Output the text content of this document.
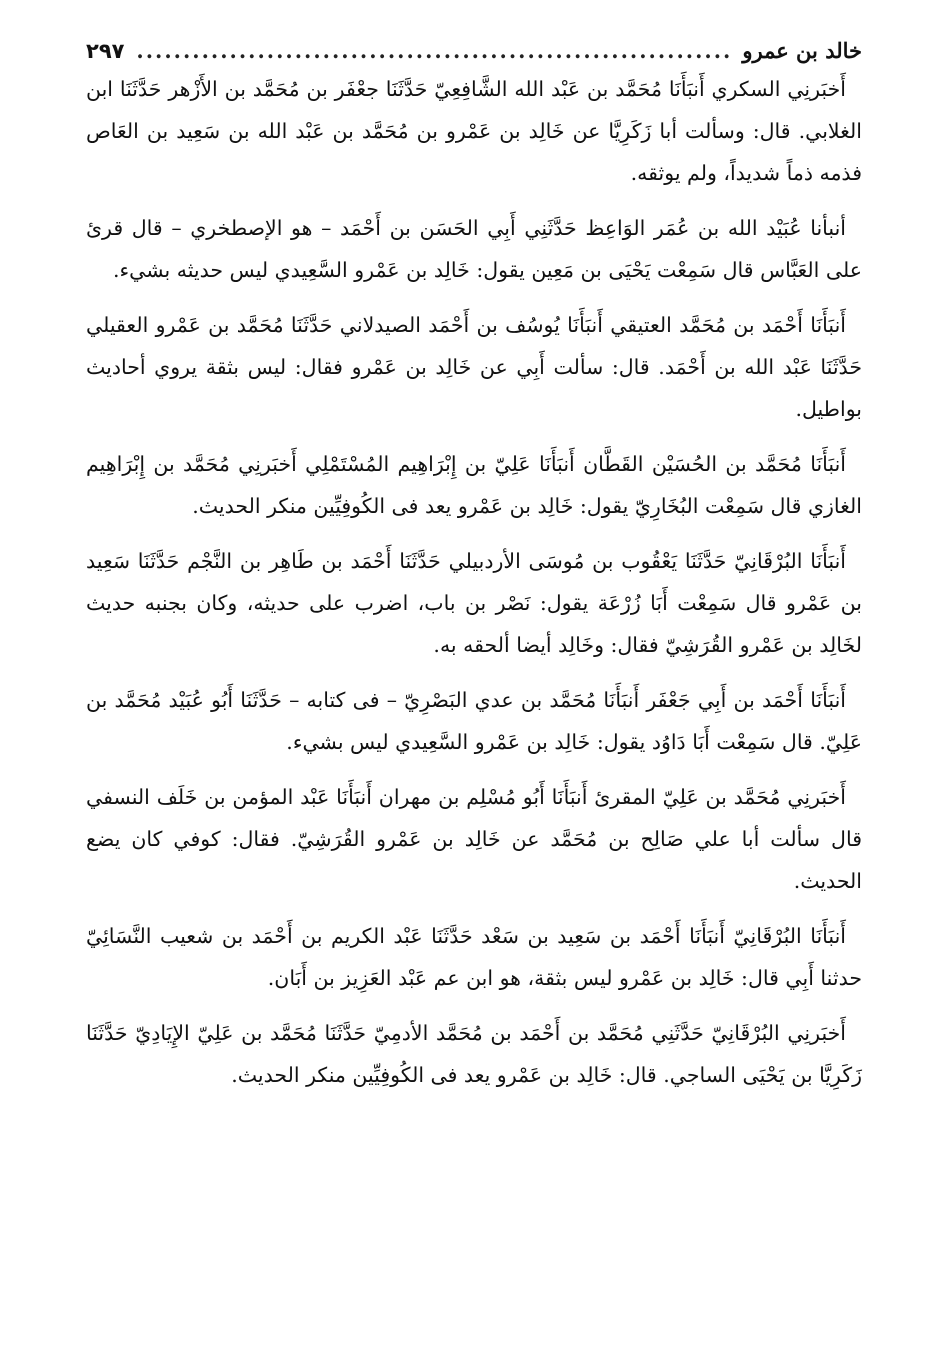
خالد بن عمرو
.....
٢٩٧

أَخبَرنِي السكري أَنبَأَنَا مُحَمَّد بن عَبْد الله الشَّافِعِيّ حَدَّثَنَا جعْفَر بن مُحَمَّد بن الأَزْهر حَدَّثَنَا ابن الغلابي. قال: وسألت أبا زَكَرِيَّا عن خَالِد بن عَمْرو بن مُحَمَّد بن عَبْد الله بن سَعِيد بن العَاص فذمه ذماً شديداً، ولم يوثقه.

أنبأنا عُبَيْد الله بن عُمَر الوَاعِظ حَدَّثَنِي أَبِي الحَسَن بن أَحْمَد – هو الإصطخري – قال قرئ على العَبَّاس قال سَمِعْت يَحْيَى بن مَعِين يقول: خَالِد بن عَمْرو السَّعِيدي ليس حديثه بشيء.

أَنبَأَنَا أَحْمَد بن مُحَمَّد العتيقي أَنبَأَنَا يُوسُف بن أَحْمَد الصيدلاني حَدَّثَنَا مُحَمَّد بن عَمْرو العقيلي حَدَّثَنَا عَبْد الله بن أَحْمَد. قال: سألت أَبِي عن خَالِد بن عَمْرو فقال: ليس بثقة يروي أحاديث بواطيل.

أَنبَأَنَا مُحَمَّد بن الحُسَيْن القَطَّان أَنبَأَنَا عَلِيّ بن إِبْرَاهِيم المُسْتَمْلِي أَخبَرنِي مُحَمَّد بن إِبْرَاهِيم الغازي قال سَمِعْت البُخَارِيّ يقول: خَالِد بن عَمْرو يعد فى الكُوفِيِّين منكر الحديث.

أَنبَأَنَا البُرْقَانِيّ حَدَّثَنَا يَعْقُوب بن مُوسَى الأردبيلي حَدَّثَنَا أَحْمَد بن طَاهِر بن النَّجْم حَدَّثَنَا سَعِيد بن عَمْرو قال سَمِعْت أَبَا زُرْعَة يقول: نَصْر بن باب، اضرب على حديثه، وكان بجنبه حديث لخَالِد بن عَمْرو القُرَشِيّ فقال: وخَالِد أيضا ألحقه به.

أَنبَأَنَا أَحْمَد بن أَبِي جَعْفَر أَنبَأَنَا مُحَمَّد بن عدي البَصْرِيّ – فى كتابه – حَدَّثَنَا أَبُو عُبَيْد مُحَمَّد بن عَلِيّ. قال سَمِعْت أَبَا دَاوُد يقول: خَالِد بن عَمْرو السَّعِيدي ليس بشيء.

أَخبَرنِي مُحَمَّد بن عَلِيّ المقرئ أَنبَأَنَا أَبُو مُسْلِم بن مهران أَنبَأَنَا عَبْد المؤمن بن خَلَف النسفي قال سألت أبا علي صَالِح بن مُحَمَّد عن خَالِد بن عَمْرو القُرَشِيّ. فقال: كوفي كان يضع الحديث.

أَنبَأَنَا البُرْقَانِيّ أَنبَأَنَا أَحْمَد بن سَعِيد بن سَعْد حَدَّثَنَا عَبْد الكريم بن أَحْمَد بن شعيب النَّسَائِيّ حدثنا أَبِي قال: خَالِد بن عَمْرو ليس بثقة، هو ابن عم عَبْد العَزِيز بن أَبَان.

أَخبَرنِي البُرْقَانِيّ حَدَّثَنِي مُحَمَّد بن أَحْمَد بن مُحَمَّد الأدمِيّ حَدَّثَنَا مُحَمَّد بن عَلِيّ الإِيَادِيّ حَدَّثَنَا زَكَرِيَّا بن يَحْيَى الساجي. قال: خَالِد بن عَمْرو يعد فى الكُوفِيِّين منكر الحديث.
